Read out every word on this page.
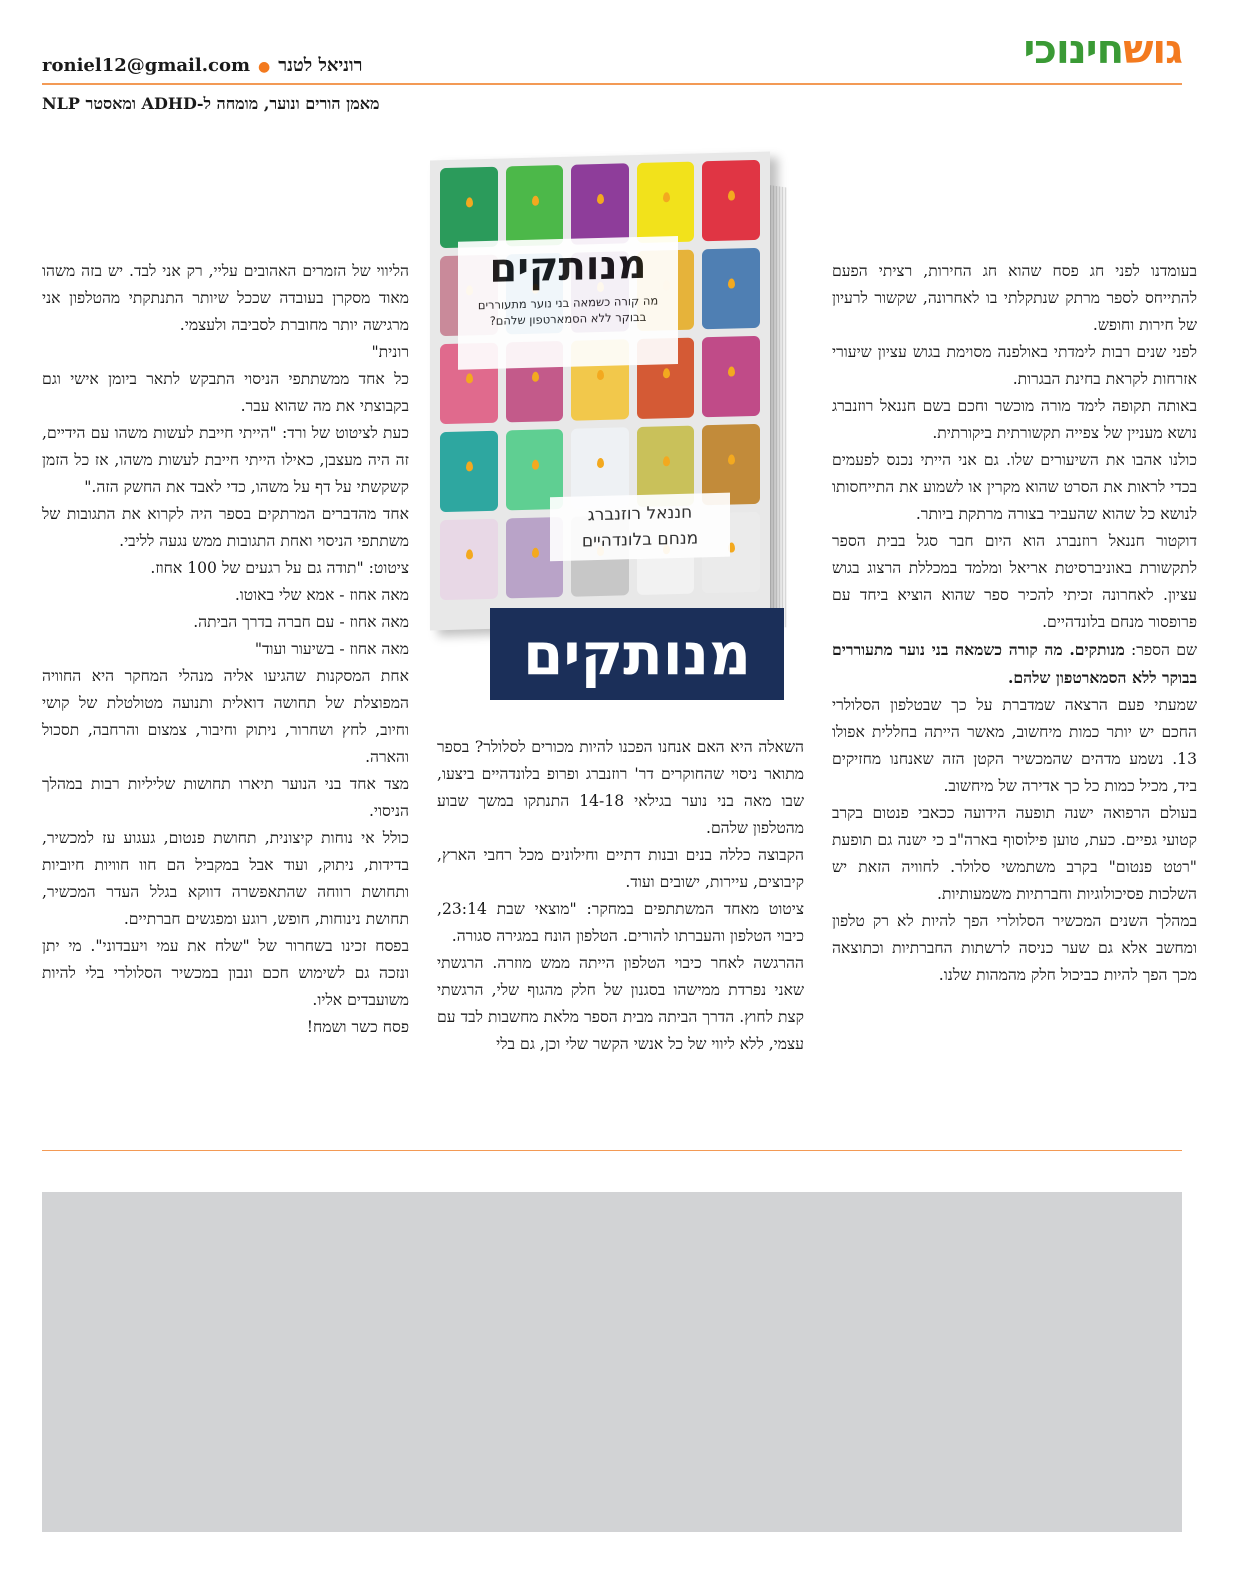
גושחינוכי
roniel12@gmail.com ● רוניאל לטנר
מאמן הורים ונוער, מומחה ל-ADHD ומאסטר NLP
מנותקים
מה קורה כשמאה בני נוער מתעוררים בבוקר ללא הסמארטפון שלהם?
חננאל רוזנברג
מנחם בלונדהיים
מנותקים

בעומדנו לפני חג פסח שהוא חג החירות, רציתי הפעם להתייחס לספר מרתק שנתקלתי בו לאחרונה, שקשור לרעיון של חירות וחופש.

לפני שנים רבות לימדתי באולפנה מסוימת בגוש עציון שיעורי אזרחות לקראת בחינת הבגרות.

באותה תקופה לימד מורה מוכשר וחכם בשם חננאל רוזנברג נושא מעניין של צפייה תקשורתית ביקורתית.

כולנו אהבו את השיעורים שלו. גם אני הייתי נכנס לפעמים בכדי לראות את הסרט שהוא מקרין או לשמוע את התייחסותו לנושא כל שהוא שהעביר בצורה מרתקת ביותר.

דוקטור חננאל רוזנברג הוא היום חבר סגל בבית הספר לתקשורת באוניברסיטת אריאל ומלמד במכללת הרצוג בגוש עציון. לאחרונה זכיתי להכיר ספר שהוא הוציא ביחד עם פרופסור מנחם בלונדהיים.

שם הספר: מנותקים. מה קורה כשמאה בני נוער מתעוררים בבוקר ללא הסמארטפון שלהם.

שמעתי פעם הרצאה שמדברת על כך שבטלפון הסלולרי החכם יש יותר כמות מיחשוב, מאשר הייתה בחללית אפולו 13. נשמע מדהים שהמכשיר הקטן הזה שאנחנו מחזיקים ביד, מכיל כמות כל כך אדירה של מיחשוב.

בעולם הרפואה ישנה תופעה הידועה ככאבי פנטום בקרב קטועי גפיים. כעת, טוען פילוסוף בארה"ב כי ישנה גם תופעת "רטט פנטום" בקרב משתמשי סלולר. לחוויה הזאת יש השלכות פסיכולוגיות וחברתיות משמעותיות.

במהלך השנים המכשיר הסלולרי הפך להיות לא רק טלפון ומחשב אלא גם שער כניסה לרשתות החברתיות וכתוצאה מכך הפך להיות כביכול חלק מהמהות שלנו.

השאלה היא האם אנחנו הפכנו להיות מכורים לסלולר? בספר מתואר ניסוי שהחוקרים דר' רוזנברג ופרופ בלונדהיים ביצעו, שבו מאה בני נוער בגילאי 14-18 התנתקו במשך שבוע מהטלפון שלהם.

הקבוצה כללה בנים ובנות דתיים וחילונים מכל רחבי הארץ, קיבוצים, עיירות, ישובים ועוד.

ציטוט מאחד המשתתפים במחקר: "מוצאי שבת 23:14, כיבוי הטלפון והעברתו להורים. הטלפון הונח במגירה סגורה.

ההרגשה לאחר כיבוי הטלפון הייתה ממש מוזרה. הרגשתי שאני נפרדת ממישהו בסגנון של חלק מהגוף שלי, הרגשתי קצת לחוץ. הדרך הביתה מבית הספר מלאת מחשבות לבד עם עצמי, ללא ליווי של כל אנשי הקשר שלי וכן, גם בלי

הליווי של הזמרים האהובים עליי, רק אני לבד. יש בזה משהו מאוד מסקרן בעובדה שככל שיותר התנתקתי מהטלפון אני מרגישה יותר מחוברת לסביבה ולעצמי.

רונית"

כל אחד ממשתתפי הניסוי התבקש לתאר ביומן אישי וגם בקבוצתי את מה שהוא עבר.

כעת לציטוט של ורד: "הייתי חייבת לעשות משהו עם הידיים, זה היה מעצבן, כאילו הייתי חייבת לעשות משהו, אז כל הזמן קשקשתי על דף על משהו, כדי לאבד את החשק הזה."

אחד מהדברים המרתקים בספר היה לקרוא את התגובות של משתתפי הניסוי ואחת התגובות ממש נגעה לליבי.

ציטוט: "תודה גם על רגעים של 100 אחוז.

מאה אחוז - אמא שלי באוטו.

מאה אחוז - עם חברה בדרך הביתה.

מאה אחוז - בשיעור ועוד"

אחת המסקנות שהגיעו אליה מנהלי המחקר היא החוויה המפוצלת של תחושה דואלית ותנועה מטולטלת של קושי וחיוב, לחץ ושחרור, ניתוק וחיבור, צמצום והרחבה, תסכול והארה.

מצד אחד בני הנוער תיארו תחושות שליליות רבות במהלך הניסוי.

כולל אי נוחות קיצונית, תחושת פנטום, געגוע עז למכשיר, בדידות, ניתוק, ועוד אבל במקביל הם חוו חוויות חיוביות ותחושת רווחה שהתאפשרה דווקא בגלל העדר המכשיר, תחושת נינוחות, חופש, רוגע ומפגשים חברתיים.

בפסח זכינו בשחרור של "שלח את עמי ויעבדוני". מי יתן ונזכה גם לשימוש חכם ונבון במכשיר הסלולרי בלי להיות משועבדים אליו.

פסח כשר ושמח!
